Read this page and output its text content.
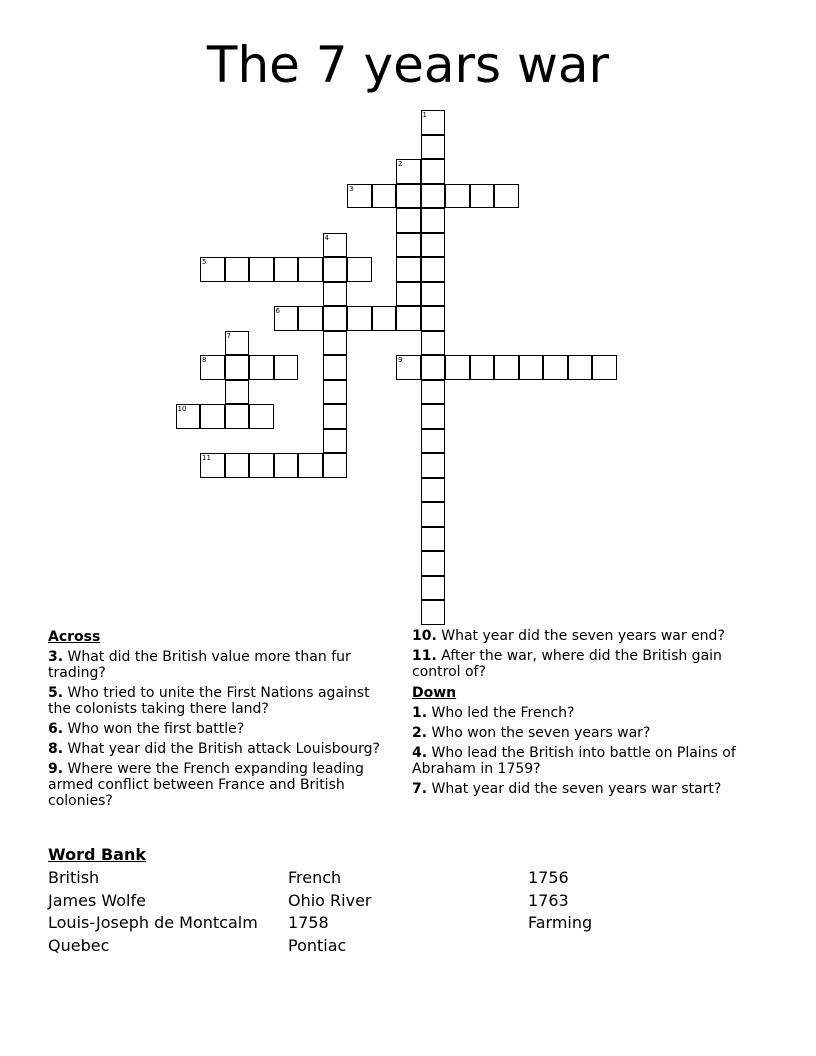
The 7 years war
1
2
3
4
5
6
7
8	9
10
11
Across
3. What did the British value more than fur trading?
5. Who tried to unite the First Nations against the colonists taking there land?
6. Who won the first battle?
8. What year did the British attack Louisbourg?
9. Where were the French expanding leading armed conflict between France and British colonies?
10. What year did the seven years war end?
11. After the war, where did the British gain control of?
Down
1. Who led the French?
2. Who won the seven years war?
4. Who lead the British into battle on Plains of Abraham in 1759?
7. What year did the seven years war start?
Word Bank
British
James Wolfe
Louis-Joseph de Montcalm
Quebec
French
Ohio River
1758
Pontiac
1756
1763
Farming
